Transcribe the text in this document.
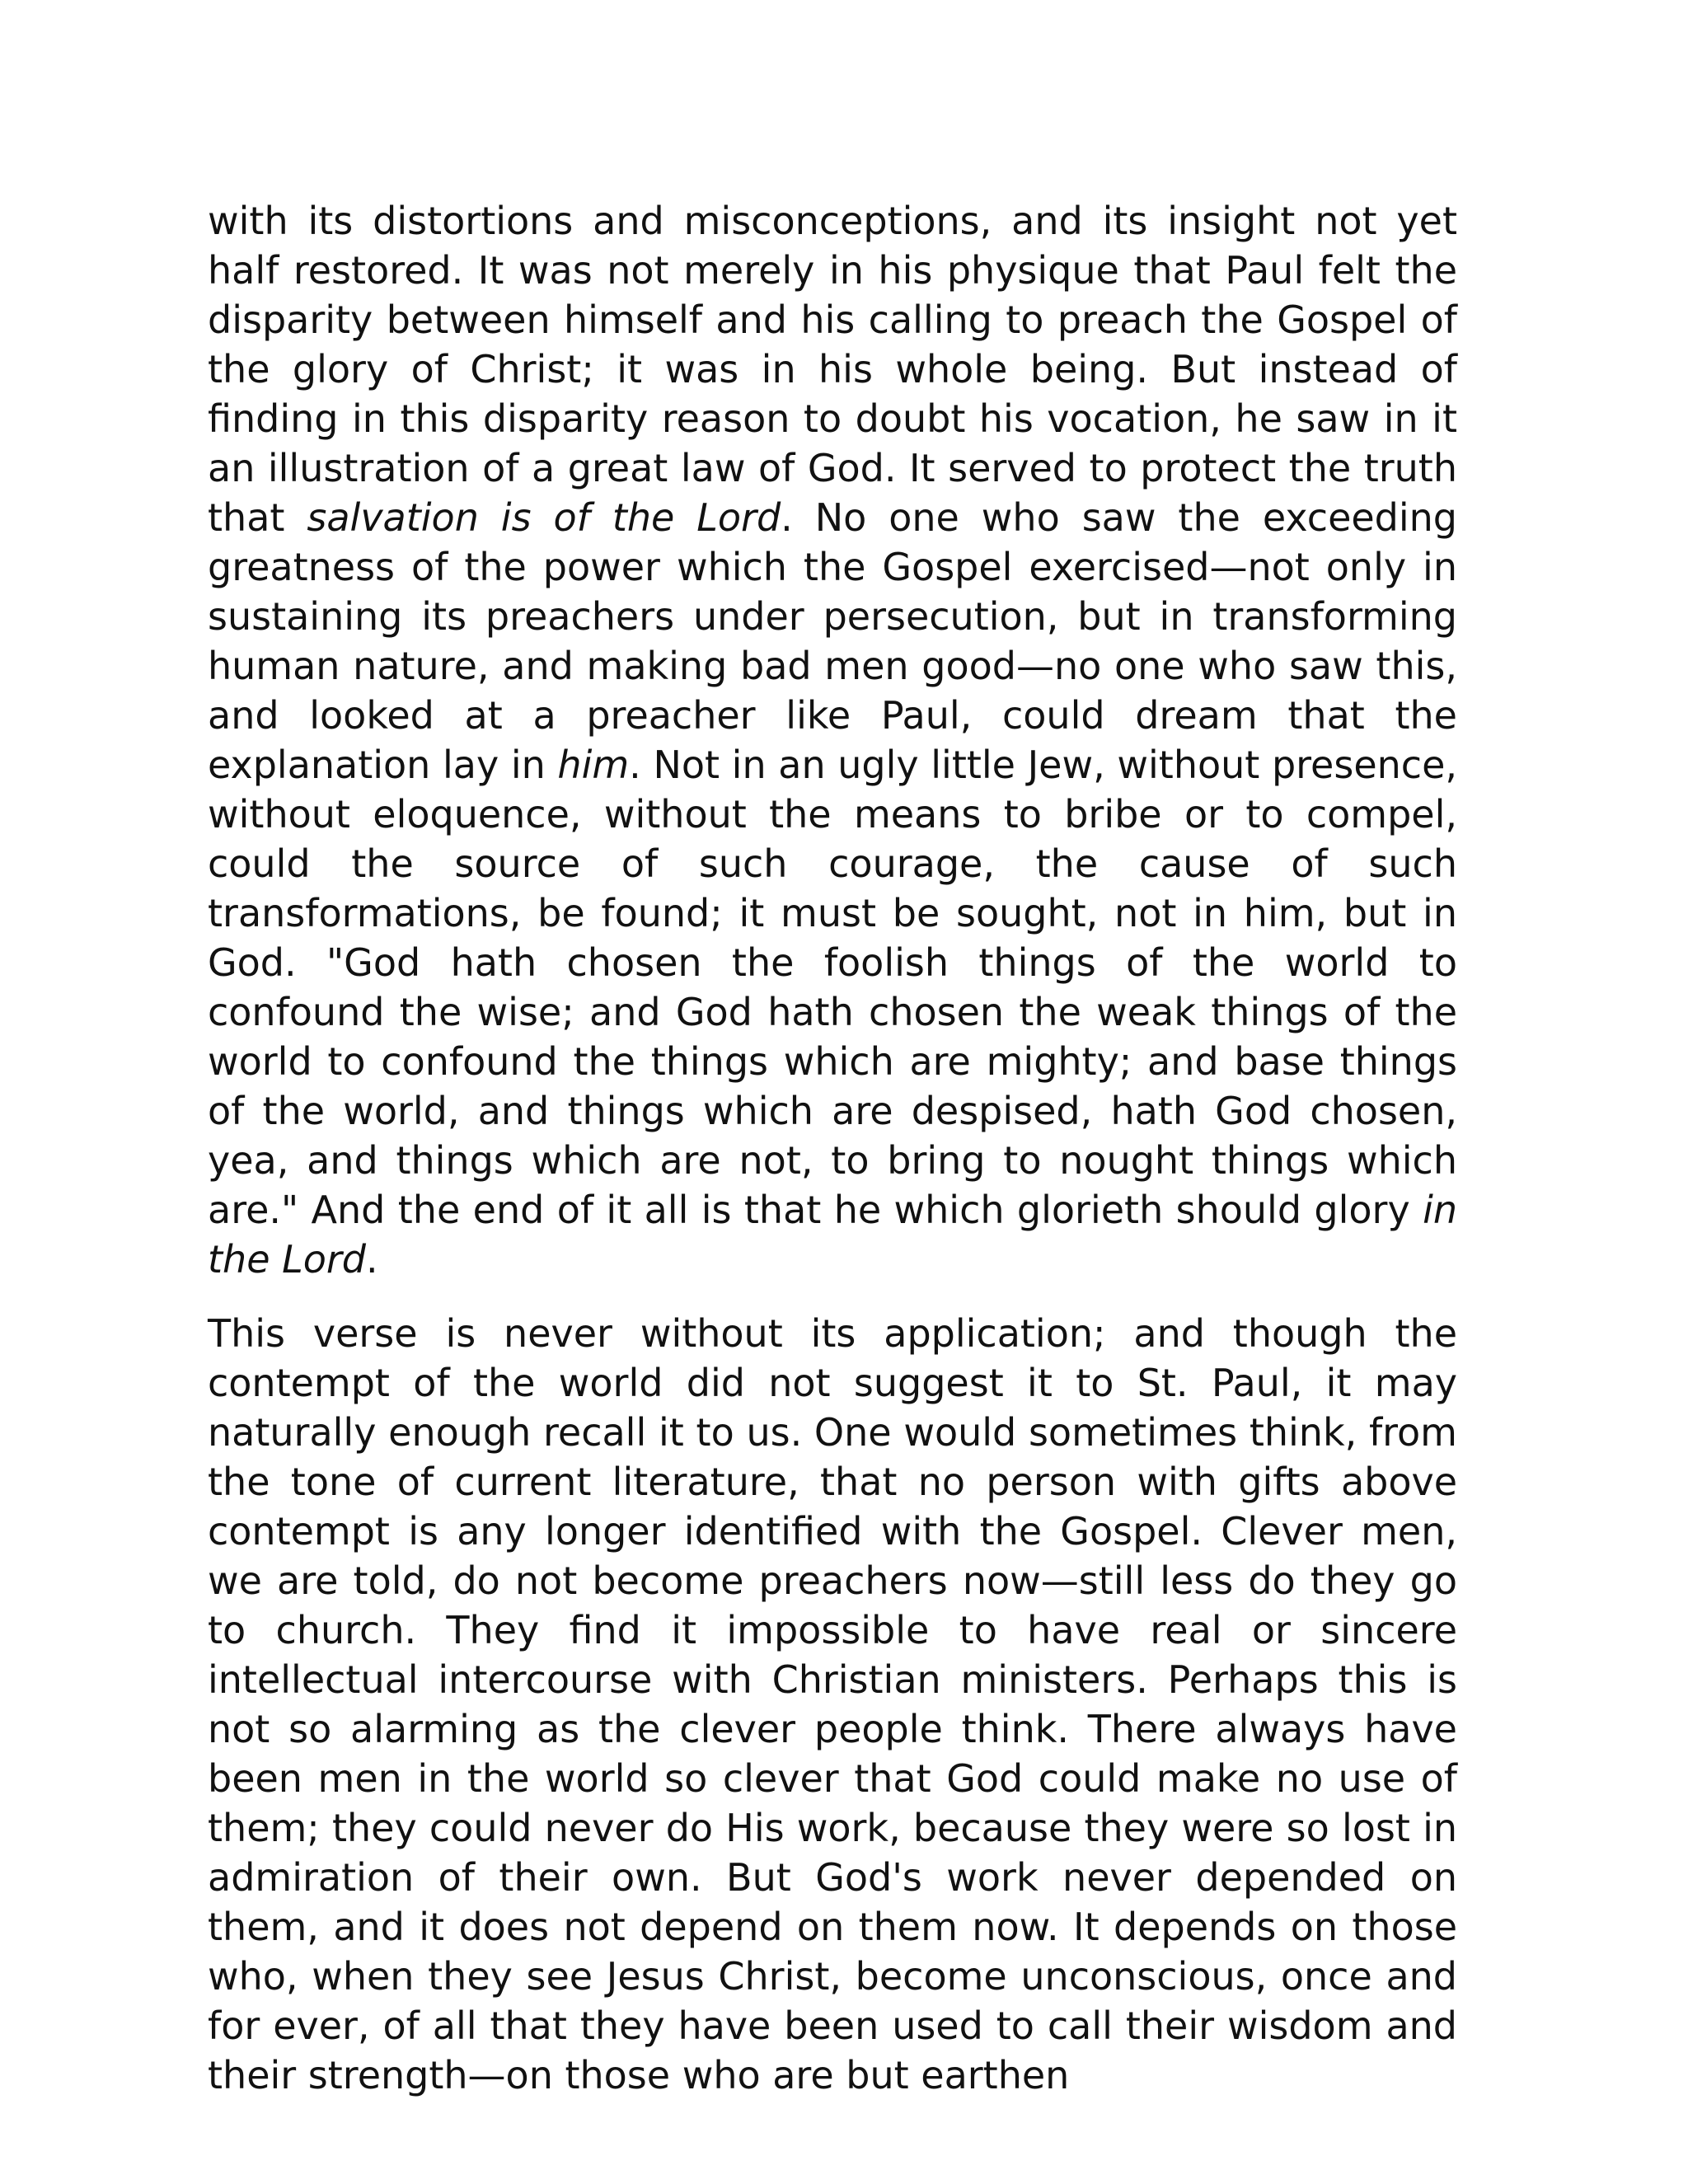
with its distortions and misconceptions, and its insight not yet half restored. It was not merely in his physique that Paul felt the disparity between himself and his calling to preach the Gospel of the glory of Christ; it was in his whole being. But instead of finding in this disparity reason to doubt his vocation, he saw in it an illustration of a great law of God. It served to protect the truth that salvation is of the Lord. No one who saw the exceeding greatness of the power which the Gospel exercised—not only in sustaining its preachers under persecution, but in transforming human nature, and making bad men good—no one who saw this, and looked at a preacher like Paul, could dream that the explanation lay in him. Not in an ugly little Jew, without presence, without eloquence, without the means to bribe or to compel, could the source of such courage, the cause of such transformations, be found; it must be sought, not in him, but in God. "God hath chosen the foolish things of the world to confound the wise; and God hath chosen the weak things of the world to confound the things which are mighty; and base things of the world, and things which are despised, hath God chosen, yea, and things which are not, to bring to nought things which are." And the end of it all is that he which glorieth should glory in the Lord.

This verse is never without its application; and though the contempt of the world did not suggest it to St. Paul, it may naturally enough recall it to us. One would sometimes think, from the tone of current literature, that no person with gifts above contempt is any longer identified with the Gospel. Clever men, we are told, do not become preachers now—still less do they go to church. They find it impossible to have real or sincere intellectual intercourse with Christian ministers. Perhaps this is not so alarming as the clever people think. There always have been men in the world so clever that God could make no use of them; they could never do His work, because they were so lost in admiration of their own. But God's work never depended on them, and it does not depend on them now. It depends on those who, when they see Jesus Christ, become unconscious, once and for ever, of all that they have been used to call their wisdom and their strength—on those who are but earthen
